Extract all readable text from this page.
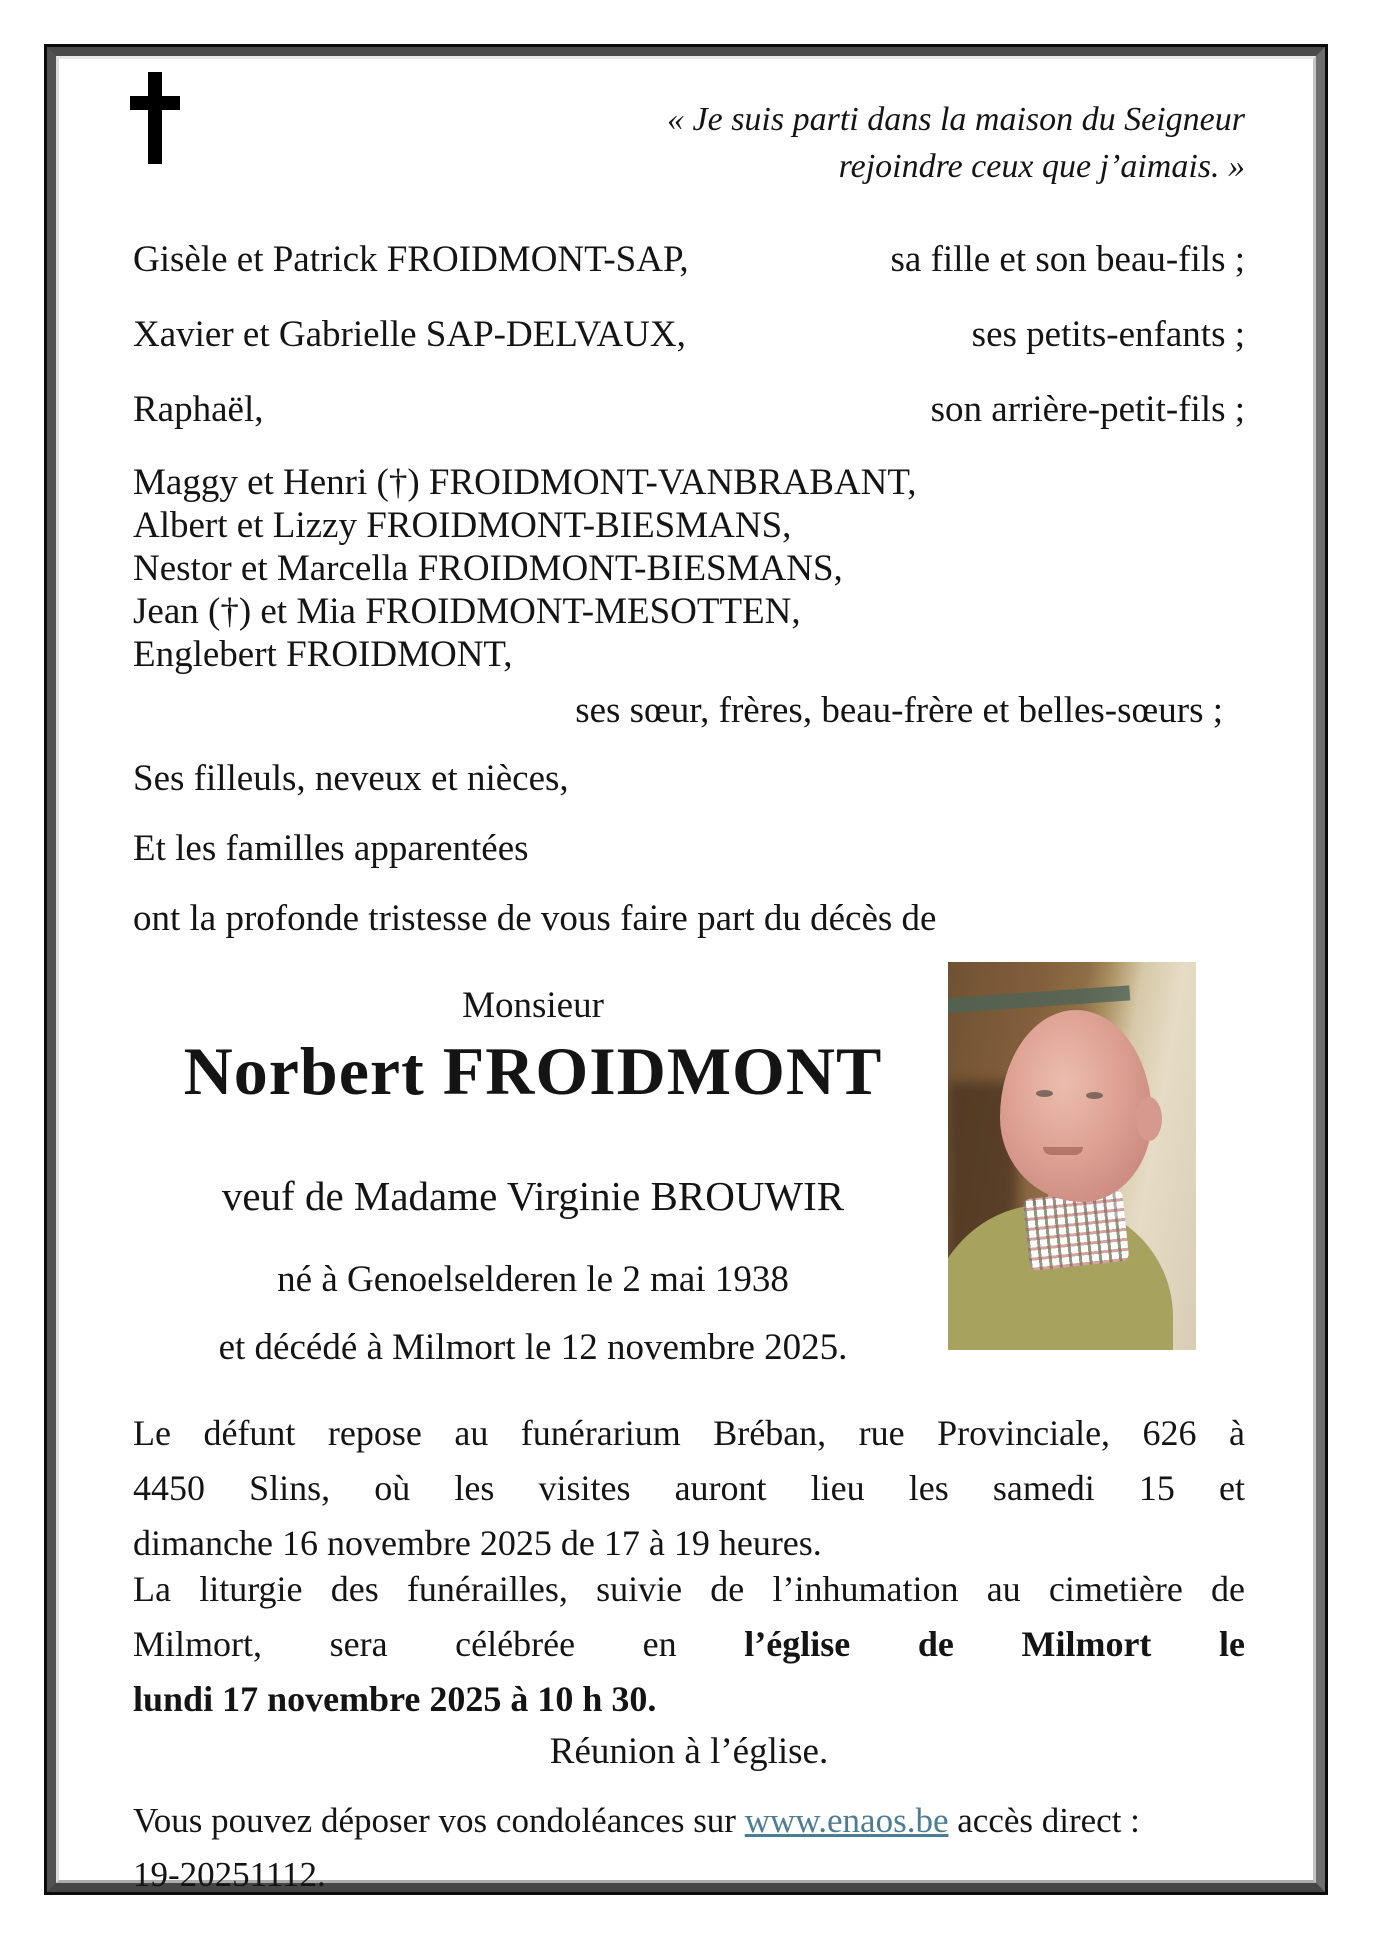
« Je suis parti dans la maison du Seigneur
rejoindre ceux que j’aimais. »
Gisèle et Patrick FROIDMONT-SAP,	sa fille et son beau-fils ;
Xavier et Gabrielle SAP-DELVAUX,	ses petits-enfants ;
Raphaël,	son arrière-petit-fils ;
Maggy et Henri (†) FROIDMONT-VANBRABANT,
Albert et Lizzy FROIDMONT-BIESMANS,
Nestor et Marcella FROIDMONT-BIESMANS,
Jean (†) et Mia FROIDMONT-MESOTTEN,
Englebert FROIDMONT,
ses sœur, frères, beau-frère et belles-sœurs ;
Ses filleuls, neveux et nièces,
Et les familles apparentées
ont la profonde tristesse de vous faire part du décès de
Monsieur
Norbert FROIDMONT
veuf de Madame Virginie BROUWIR
né à Genoelselderen le 2 mai 1938
et décédé à Milmort le 12 novembre 2025.
Le défunt repose au funérarium Bréban, rue Provinciale, 626 à
4450 Slins, où les visites auront lieu les samedi 15 et
dimanche 16 novembre 2025 de 17 à 19 heures.
La liturgie des funérailles, suivie de l’inhumation au cimetière de
Milmort, sera célébrée en l’église de Milmort le
lundi 17 novembre 2025 à 10 h 30.
Réunion à l’église.
Vous pouvez déposer vos condoléances sur www.enaos.be accès direct :
19-20251112.
